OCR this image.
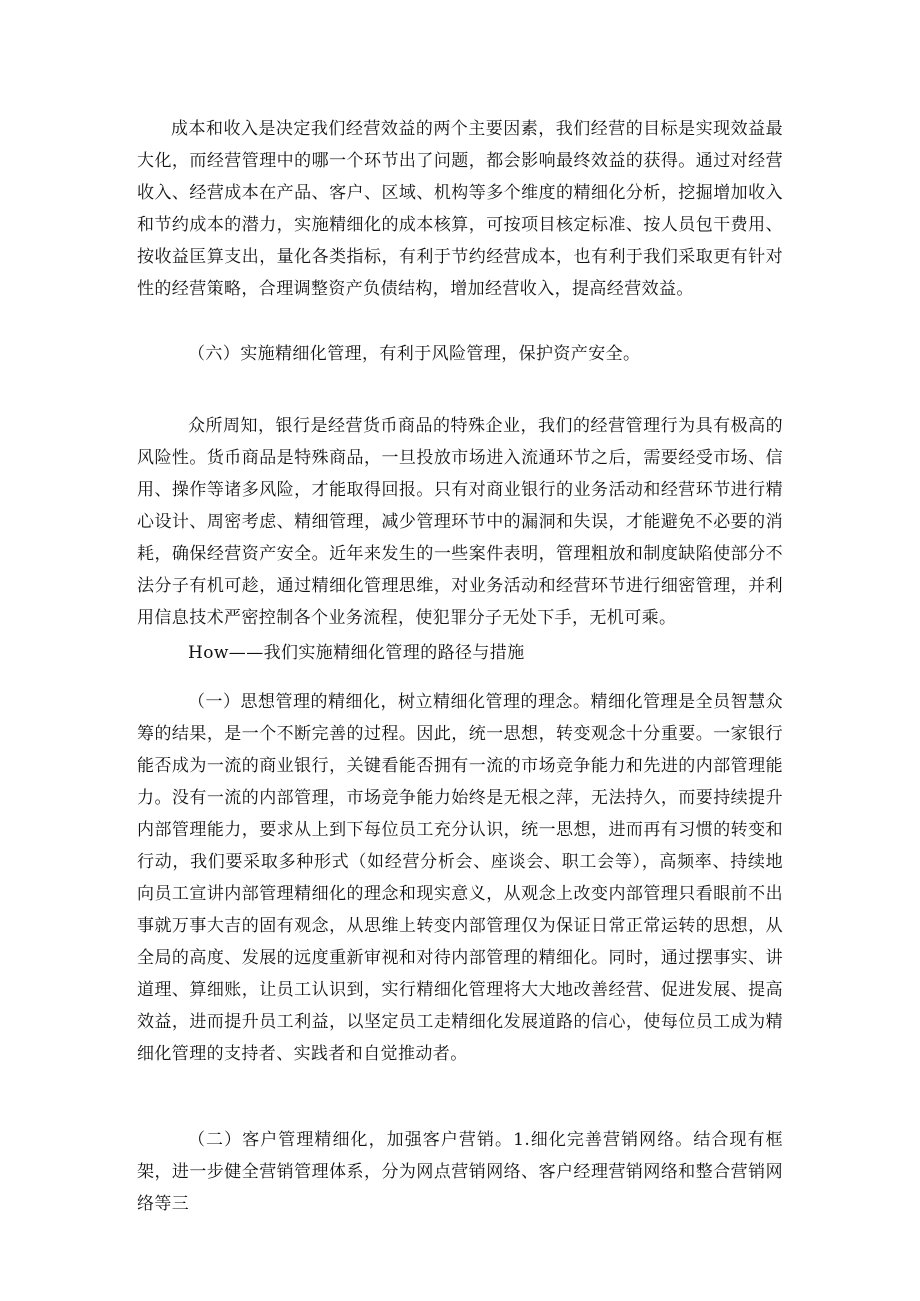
成本和收入是决定我们经营效益的两个主要因素，我们经营的目标是实现效益最大化，而经营管理中的哪一个环节出了问题，都会影响最终效益的获得。通过对经营收入、经营成本在产品、客户、区域、机构等多个维度的精细化分析，挖掘增加收入和节约成本的潜力，实施精细化的成本核算，可按项目核定标准、按人员包干费用、按收益匡算支出，量化各类指标，有利于节约经营成本，也有利于我们采取更有针对性的经营策略，合理调整资产负债结构，增加经营收入，提高经营效益。

（六）实施精细化管理，有利于风险管理，保护资产安全。

众所周知，银行是经营货币商品的特殊企业，我们的经营管理行为具有极高的风险性。货币商品是特殊商品，一旦投放市场进入流通环节之后，需要经受市场、信用、操作等诸多风险，才能取得回报。只有对商业银行的业务活动和经营环节进行精心设计、周密考虑、精细管理，减少管理环节中的漏洞和失误，才能避免不必要的消耗，确保经营资产安全。近年来发生的一些案件表明，管理粗放和制度缺陷使部分不法分子有机可趁，通过精细化管理思维，对业务活动和经营环节进行细密管理，并利用信息技术严密控制各个业务流程，使犯罪分子无处下手，无机可乘。

How——我们实施精细化管理的路径与措施

（一）思想管理的精细化，树立精细化管理的理念。精细化管理是全员智慧众筹的结果，是一个不断完善的过程。因此，统一思想，转变观念十分重要。一家银行能否成为一流的商业银行，关键看能否拥有一流的市场竞争能力和先进的内部管理能力。没有一流的内部管理，市场竞争能力始终是无根之萍，无法持久，而要持续提升内部管理能力，要求从上到下每位员工充分认识，统一思想，进而再有习惯的转变和行动，我们要采取多种形式（如经营分析会、座谈会、职工会等），高频率、持续地向员工宣讲内部管理精细化的理念和现实意义，从观念上改变内部管理只看眼前不出事就万事大吉的固有观念，从思维上转变内部管理仅为保证日常正常运转的思想，从全局的高度、发展的远度重新审视和对待内部管理的精细化。同时，通过摆事实、讲道理、算细账，让员工认识到，实行精细化管理将大大地改善经营、促进发展、提高效益，进而提升员工利益，以坚定员工走精细化发展道路的信心，使每位员工成为精细化管理的支持者、实践者和自觉推动者。

（二）客户管理精细化，加强客户营销。1.细化完善营销网络。结合现有框架，进一步健全营销管理体系，分为网点营销网络、客户经理营销网络和整合营销网络等三
